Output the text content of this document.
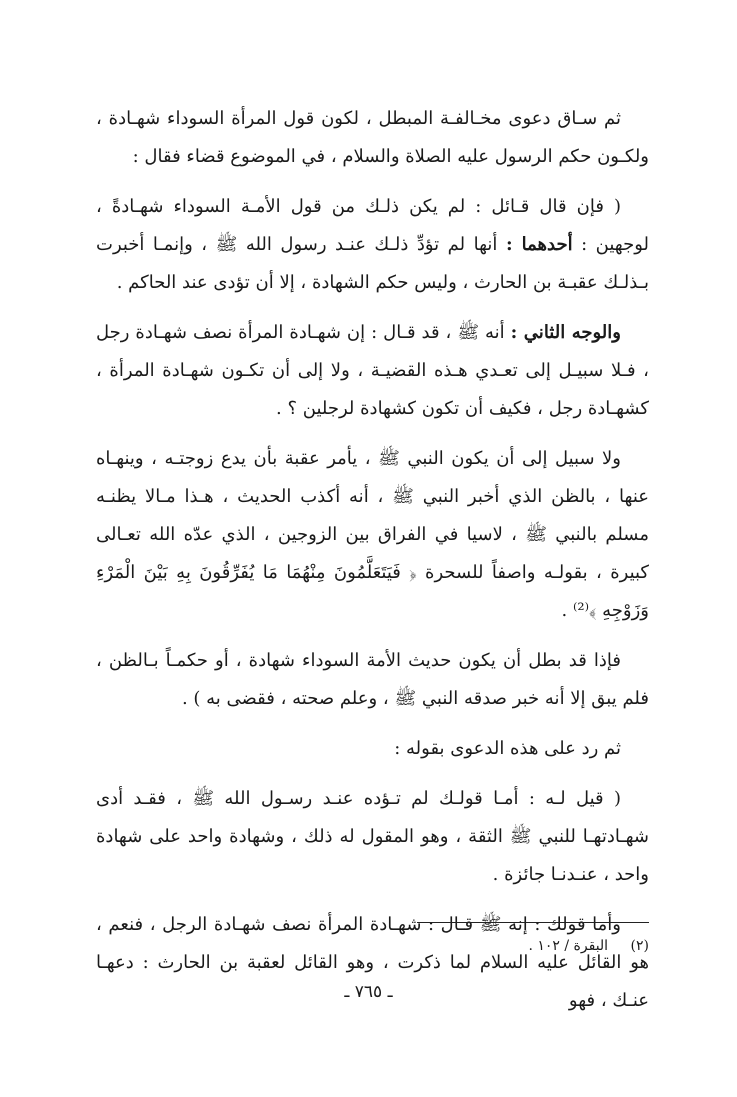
ثم سـاق دعوى مخـالفـة المبطل ، لكون قول المرأة السوداء شهـادة ، ولكـون حكم الرسول عليه الصلاة والسلام ، في الموضوع قضاء فقال :

( فإن قال قـائل : لم يكن ذلـك من قول الأمـة السوداء شهـادةً ، لوجهين : أحدهما : أنها لم تؤدِّ ذلـك عنـد رسول الله ﷺ ، وإنمـا أخبرت بـذلـك عقبـة بن الحارث ، وليس حكم الشهادة ، إلا أن تؤدى عند الحاكم .

والوجه الثاني : أنه ﷺ ، قد قـال : إن شهـادة المرأة نصف شهـادة رجل ، فـلا سبيـل إلى تعـدي هـذه القضيـة ، ولا إلى أن تكـون شهـادة المرأة ، كشهـادة رجل ، فكيف أن تكون كشهادة لرجلين ؟ .

ولا سبيل إلى أن يكون النبي ﷺ ، يأمر عقبة بأن يدع زوجتـه ، وينهـاه عنها ، بالظن الذي أخبر النبي ﷺ ، أنه أكذب الحديث ، هـذا مـالا يظنـه مسلم بالنبي ﷺ ، لاسيا في الفراق بين الزوجين ، الذي عدّه الله تعـالى كبيرة ، بقولـه واصفاً للسحرة ﴿ فَيَتَعَلَّمُونَ مِنْهُمَا مَا يُفَرِّقُونَ بِهِ بَيْنَ الْمَرْءِ وَزَوْجِهِ ﴾⁽²⁾ .

فإذا قد بطل أن يكون حديث الأمة السوداء شهادة ، أو حكمـاً بـالظن ، فلم يبق إلا أنه خبر صدقه النبي ﷺ ، وعلم صحته ، فقضى به ) .

ثم رد على هذه الدعوى بقوله :

( قيل لـه : أمـا قولـك لم تـؤده عنـد رسـول الله ﷺ ، فقـد أدى شهـادتهـا للنبي ﷺ الثقة ، وهو المقول له ذلك ، وشهادة واحد على شهادة واحد ، عنـدنـا جائزة .

وأما قولك : إنه ﷺ قـال : شهـادة المرأة نصف شهـادة الرجل ، فنعم ، هو القائل عليه السلام لما ذكرت ، وهو القائل لعقبة بن الحارث : دعهـا عنـك ، فهو

(٢) البقرة / ١٠٢ .
ـ ٧٦٥ ـ
